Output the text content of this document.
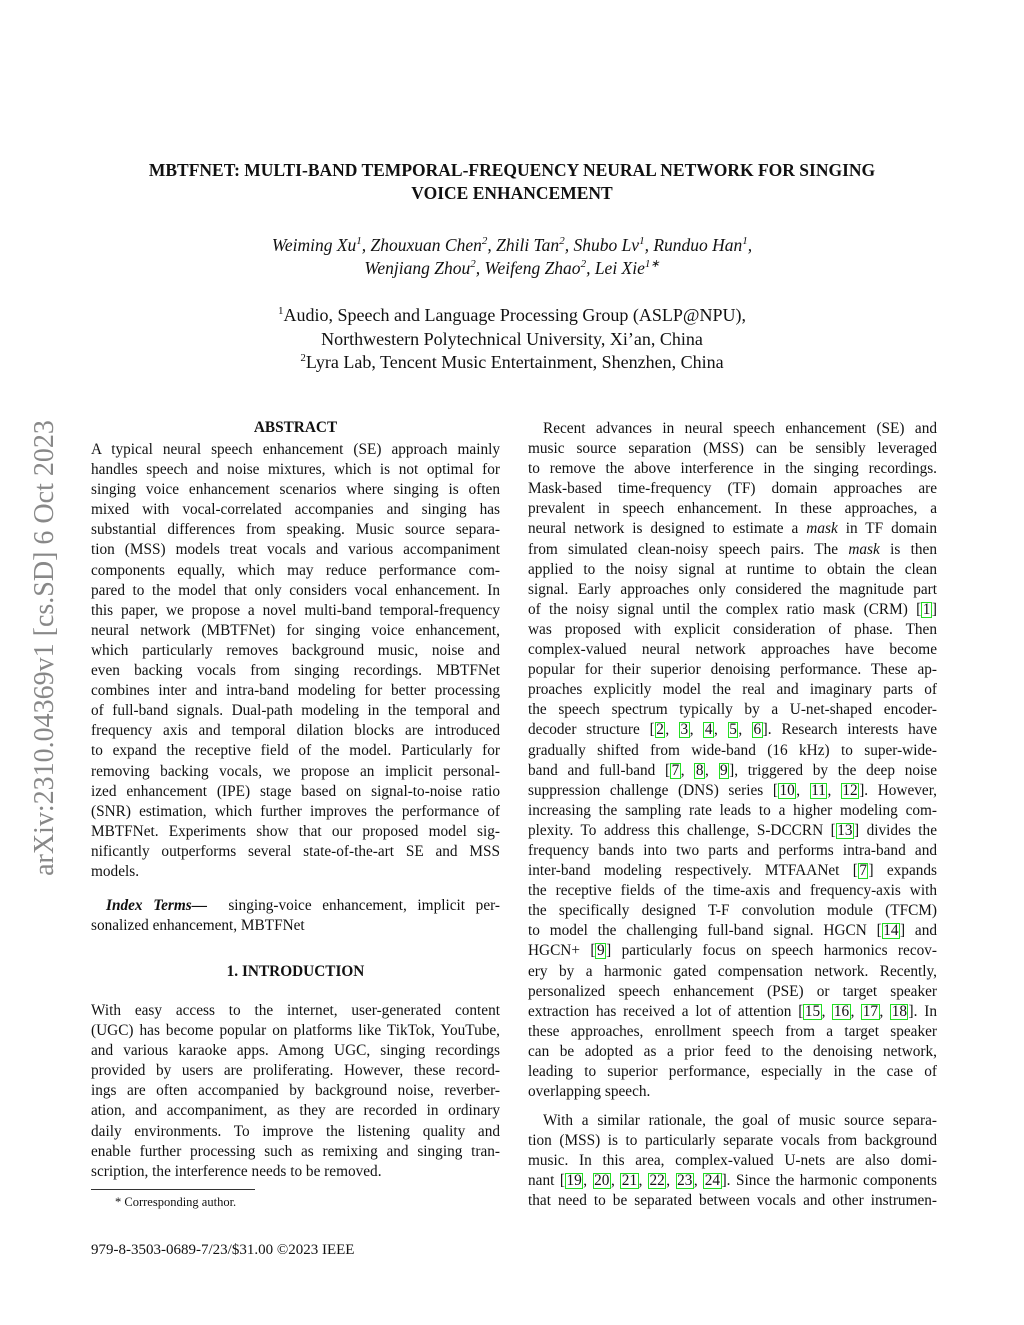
arXiv:2310.04369v1 [cs.SD] 6 Oct 2023
MBTFNET: MULTI-BAND TEMPORAL-FREQUENCY NEURAL NETWORK FOR SINGING
VOICE ENHANCEMENT
Weiming Xu$^1$, Zhouxuan Chen$^2$, Zhili Tan$^2$, Shubo Lv$^1$, Runduo Han$^1$,
Wenjiang Zhou$^2$, Weifeng Zhao$^2$, Lei Xie$^{1∗}$
$^1$Audio, Speech and Language Processing Group (ASLP@NPU),
Northwestern Polytechnical University, Xi’an, China
$^2$Lyra Lab, Tencent Music Entertainment, Shenzhen, China
ABSTRACT
A typical neural speech enhancement (SE) approach mainly
handles speech and noise mixtures, which is not optimal for
singing voice enhancement scenarios where singing is often
mixed with vocal-correlated accompanies and singing has
substantial differences from speaking. Music source separa-
tion (MSS) models treat vocals and various accompaniment
components equally, which may reduce performance com-
pared to the model that only considers vocal enhancement. In
this paper, we propose a novel multi-band temporal-frequency
neural network (MBTFNet) for singing voice enhancement,
which particularly removes background music, noise and
even backing vocals from singing recordings. MBTFNet
combines inter and intra-band modeling for better processing
of full-band signals. Dual-path modeling in the temporal and
frequency axis and temporal dilation blocks are introduced
to expand the receptive field of the model. Particularly for
removing backing vocals, we propose an implicit personal-
ized enhancement (IPE) stage based on signal-to-noise ratio
(SNR) estimation, which further improves the performance of
MBTFNet. Experiments show that our proposed model sig-
nificantly outperforms several state-of-the-art SE and MSS
models.
Index Terms— singing-voice enhancement, implicit per-
sonalized enhancement, MBTFNet
1. INTRODUCTION
With easy access to the internet, user-generated content
(UGC) has become popular on platforms like TikTok, YouTube,
and various karaoke apps. Among UGC, singing recordings
provided by users are proliferating. However, these record-
ings are often accompanied by background noise, reverber-
ation, and accompaniment, as they are recorded in ordinary
daily environments. To improve the listening quality and
enable further processing such as remixing and singing tran-
scription, the interference needs to be removed.
* Corresponding author.
979-8-3503-0689-7/23/$31.00 ©2023 IEEE
Recent advances in neural speech enhancement (SE) and
music source separation (MSS) can be sensibly leveraged
to remove the above interference in the singing recordings.
Mask-based time-frequency (TF) domain approaches are
prevalent in speech enhancement. In these approaches, a
neural network is designed to estimate a mask in TF domain
from simulated clean-noisy speech pairs. The mask is then
applied to the noisy signal at runtime to obtain the clean
signal. Early approaches only considered the magnitude part
of the noisy signal until the complex ratio mask (CRM) [1]
was proposed with explicit consideration of phase. Then
complex-valued neural network approaches have become
popular for their superior denoising performance. These ap-
proaches explicitly model the real and imaginary parts of
the speech spectrum typically by a U-net-shaped encoder-
decoder structure [2, 3, 4, 5, 6]. Research interests have
gradually shifted from wide-band (16 kHz) to super-wide-
band and full-band [7, 8, 9], triggered by the deep noise
suppression challenge (DNS) series [10, 11, 12]. However,
increasing the sampling rate leads to a higher modeling com-
plexity. To address this challenge, S-DCCRN [13] divides the
frequency bands into two parts and performs intra-band and
inter-band modeling respectively. MTFAANet [7] expands
the receptive fields of the time-axis and frequency-axis with
the specifically designed T-F convolution module (TFCM)
to model the challenging full-band signal. HGCN [14] and
HGCN+ [9] particularly focus on speech harmonics recov-
ery by a harmonic gated compensation network. Recently,
personalized speech enhancement (PSE) or target speaker
extraction has received a lot of attention [15, 16, 17, 18]. In
these approaches, enrollment speech from a target speaker
can be adopted as a prior feed to the denoising network,
leading to superior performance, especially in the case of
overlapping speech.
With a similar rationale, the goal of music source separa-
tion (MSS) is to particularly separate vocals from background
music. In this area, complex-valued U-nets are also domi-
nant [19, 20, 21, 22, 23, 24]. Since the harmonic components
that need to be separated between vocals and other instrumen-
